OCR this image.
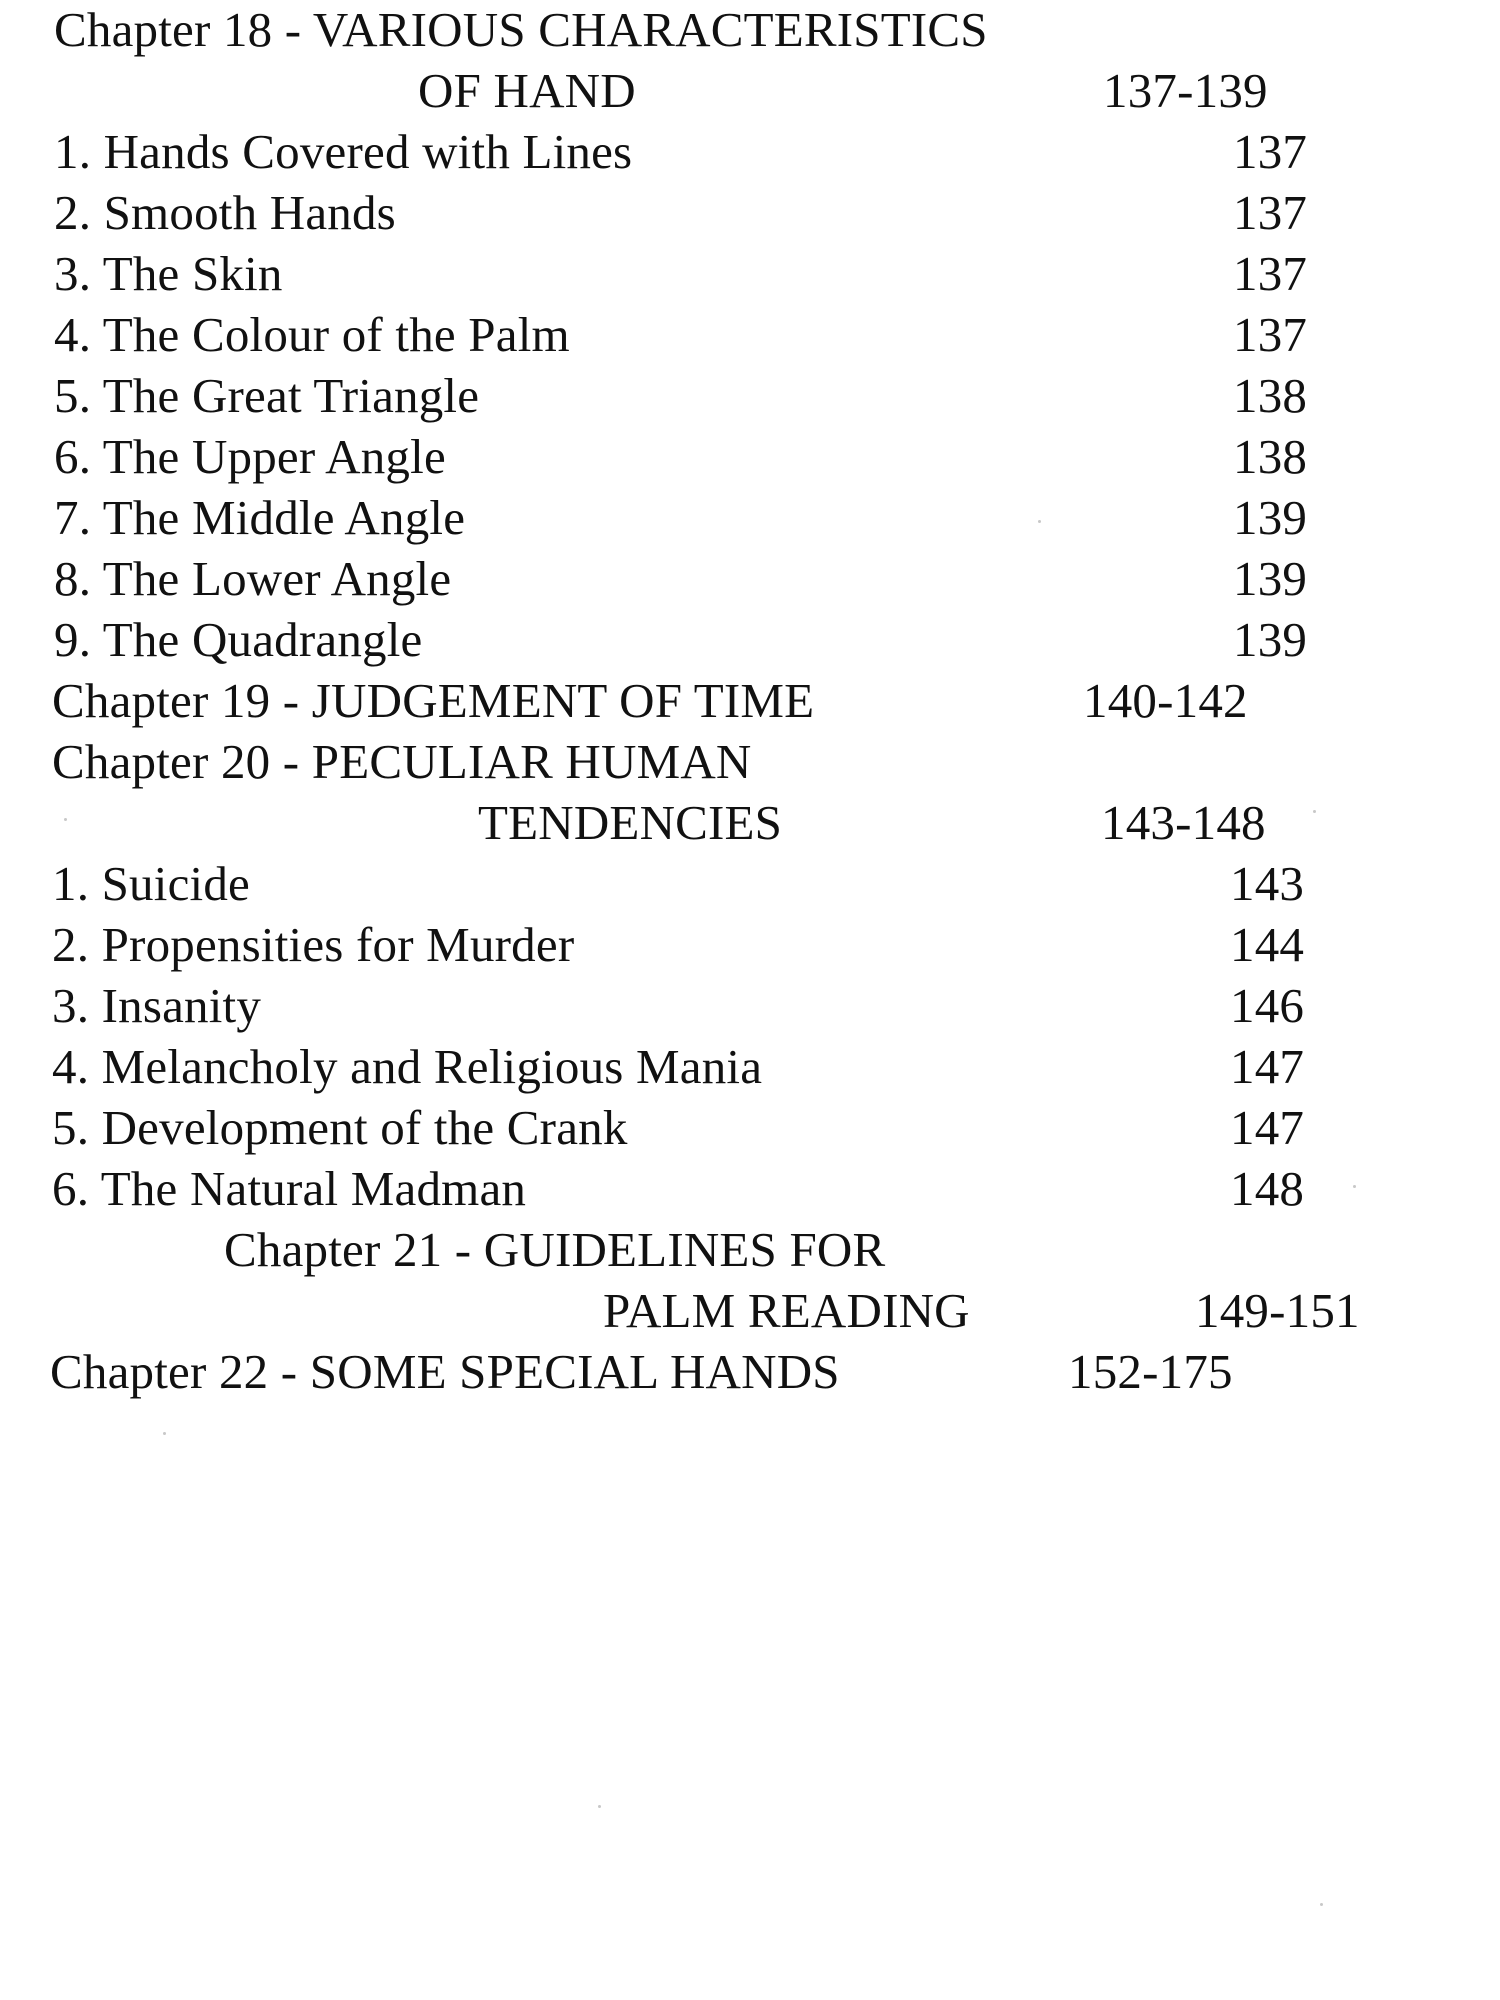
Chapter 18 - VARIOUS CHARACTERISTICS
OF HAND	137-139
1. Hands Covered with Lines	137
2. Smooth Hands	137
3. The Skin	137
4. The Colour of the Palm	137
5. The Great Triangle	138
6. The Upper Angle	138
7. The Middle Angle	139
8. The Lower Angle	139
9. The Quadrangle	139
Chapter 19 - JUDGEMENT OF TIME	140-142
Chapter 20 - PECULIAR HUMAN
TENDENCIES	143-148
1. Suicide	143
2. Propensities for Murder	144
3. Insanity	146
4. Melancholy and Religious Mania	147
5. Development of the Crank	147
6. The Natural Madman	148
Chapter 21 - GUIDELINES FOR
PALM READING	149-151
Chapter 22 - SOME SPECIAL HANDS	152-175
